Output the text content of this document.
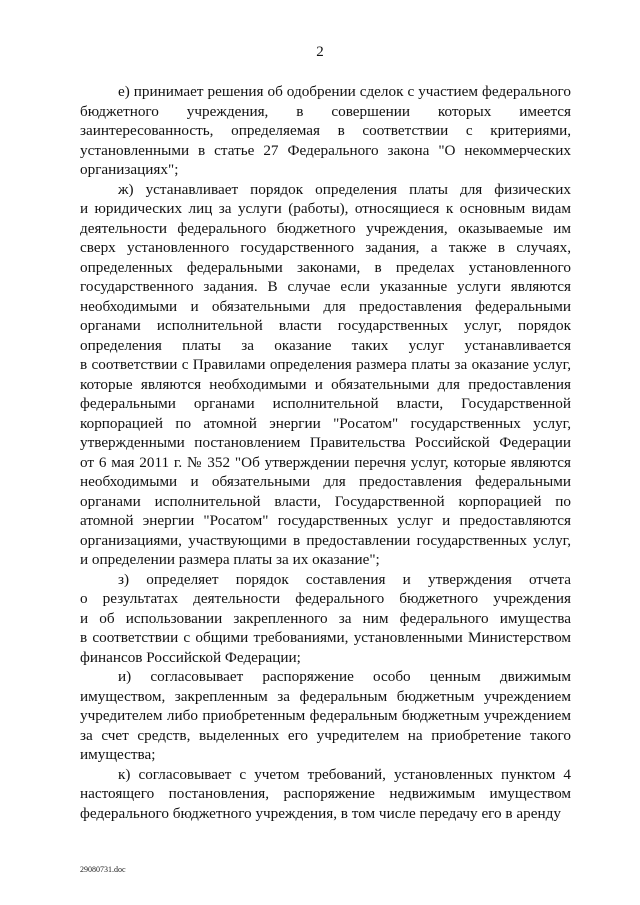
2
е) принимает решения об одобрении сделок с участием федерального
бюджетного учреждения, в совершении которых имеется
заинтересованность, определяемая в соответствии с критериями,
установленными в статье 27 Федерального закона "О некоммерческих
организациях";
ж) устанавливает порядок определения платы для физических
и юридических лиц за услуги (работы), относящиеся к основным видам
деятельности федерального бюджетного учреждения, оказываемые им
сверх установленного государственного задания, а также в случаях,
определенных федеральными законами, в пределах установленного
государственного задания. В случае если указанные услуги являются
необходимыми и обязательными для предоставления федеральными
органами исполнительной власти государственных услуг, порядок
определения платы за оказание таких услуг устанавливается
в соответствии с Правилами определения размера платы за оказание услуг,
которые являются необходимыми и обязательными для предоставления
федеральными органами исполнительной власти, Государственной
корпорацией по атомной энергии "Росатом" государственных услуг,
утвержденными постановлением Правительства Российской Федерации
от 6 мая 2011 г. № 352 "Об утверждении перечня услуг, которые являются
необходимыми и обязательными для предоставления федеральными
органами исполнительной власти, Государственной корпорацией по
атомной энергии "Росатом" государственных услуг и предоставляются
организациями, участвующими в предоставлении государственных услуг,
и определении размера платы за их оказание";
з) определяет порядок составления и утверждения отчета
о результатах деятельности федерального бюджетного учреждения
и об использовании закрепленного за ним федерального имущества
в соответствии с общими требованиями, установленными Министерством
финансов Российской Федерации;
и) согласовывает распоряжение особо ценным движимым
имуществом, закрепленным за федеральным бюджетным учреждением
учредителем либо приобретенным федеральным бюджетным учреждением
за счет средств, выделенных его учредителем на приобретение такого
имущества;
к) согласовывает с учетом требований, установленных пунктом 4
настоящего постановления, распоряжение недвижимым имуществом
федерального бюджетного учреждения, в том числе передачу его в аренду
29080731.doc
